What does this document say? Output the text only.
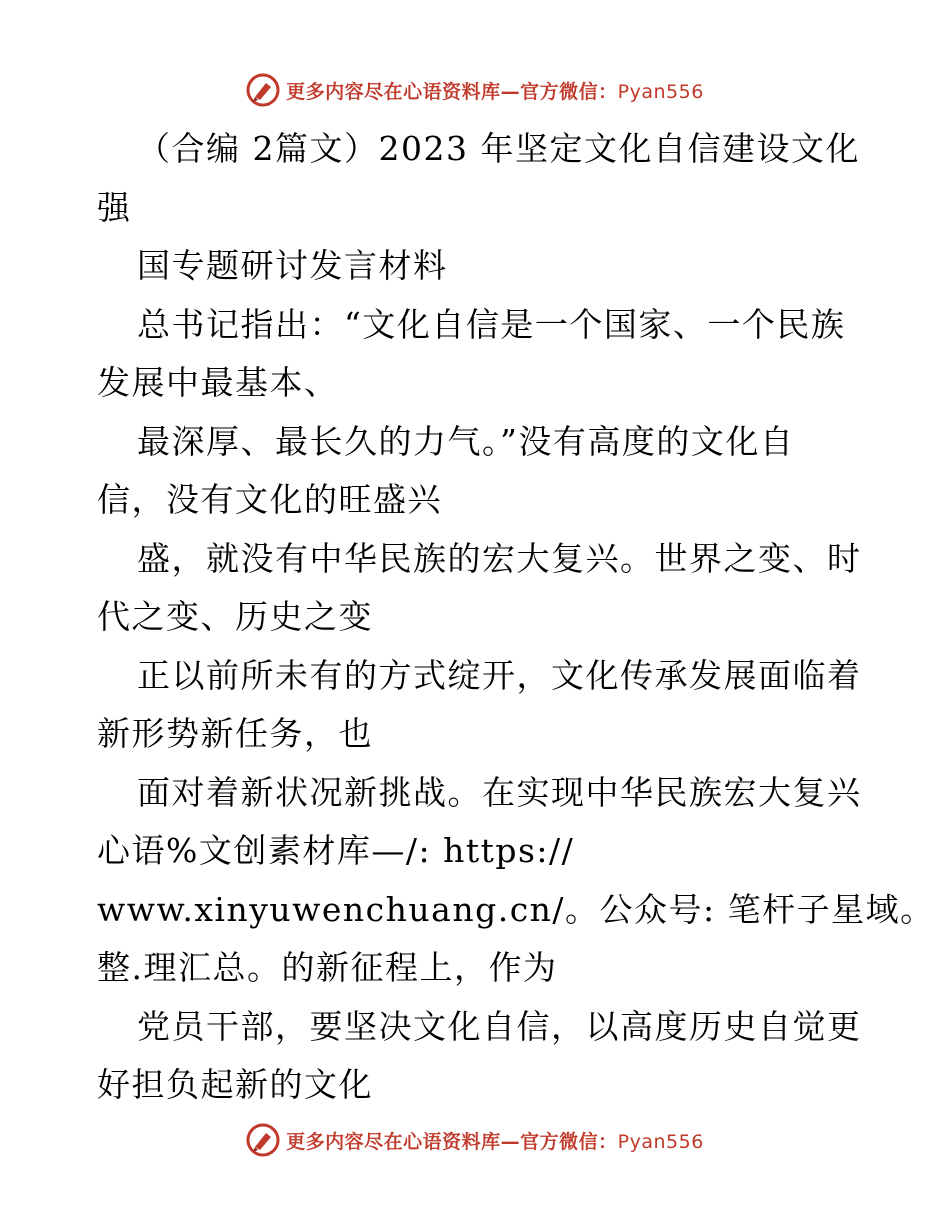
更多内容尽在心语资料库—官方微信：Pyan556
（合编 2篇文）2023 年坚定文化自信建设文化
强
国专题研讨发言材料
总书记指出：“文化自信是一个国家、一个民族
发展中最基本、
最深厚、最长久的力气。”没有高度的文化自
信，没有文化的旺盛兴
盛，就没有中华民族的宏大复兴。世界之变、时
代之变、历史之变
正以前所未有的方式绽开，文化传承发展面临着
新形势新任务，也
面对着新状况新挑战。在实现中华民族宏大复兴
心语%文创素材库—/: https://
www.xinyuwenchuang.cn/。公众号: 笔杆子星域。
整.理汇总。的新征程上，作为
党员干部，要坚决文化自信，以高度历史自觉更
好担负起新的文化
更多内容尽在心语资料库—官方微信：Pyan556
